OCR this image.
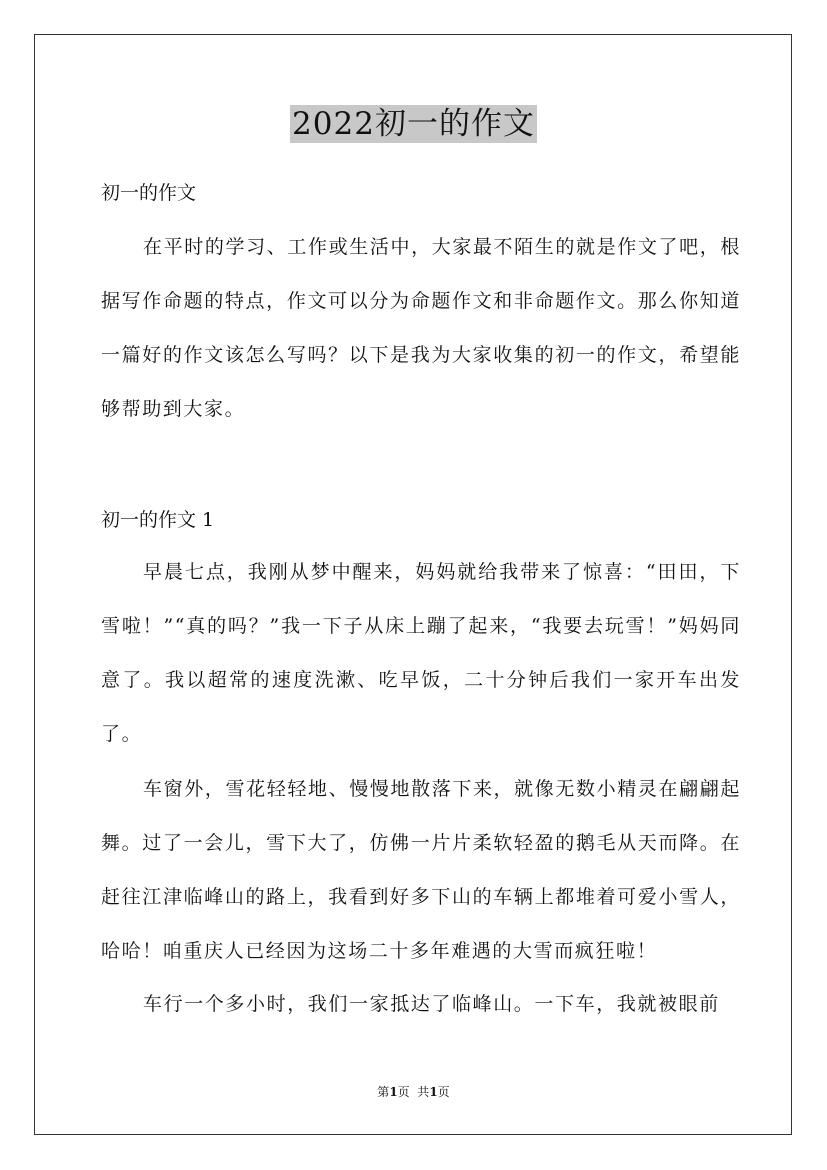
2022初一的作文
初一的作文

在平时的学习、工作或生活中，大家最不陌生的就是作文了吧，根据写作命题的特点，作文可以分为命题作文和非命题作文。那么你知道一篇好的作文该怎么写吗？以下是我为大家收集的初一的作文，希望能够帮助到大家。

初一的作文 1

早晨七点，我刚从梦中醒来，妈妈就给我带来了惊喜：“田田，下雪啦！”“真的吗？”我一下子从床上蹦了起来，“我要去玩雪！”妈妈同意了。我以超常的速度洗漱、吃早饭，二十分钟后我们一家开车出发了。

车窗外，雪花轻轻地、慢慢地散落下来，就像无数小精灵在翩翩起舞。过了一会儿，雪下大了，仿佛一片片柔软轻盈的鹅毛从天而降。在赶往江津临峰山的路上，我看到好多下山的车辆上都堆着可爱小雪人，哈哈！咱重庆人已经因为这场二十多年难遇的大雪而疯狂啦！

车行一个多小时，我们一家抵达了临峰山。一下车，我就被眼前

第1页  共1页
